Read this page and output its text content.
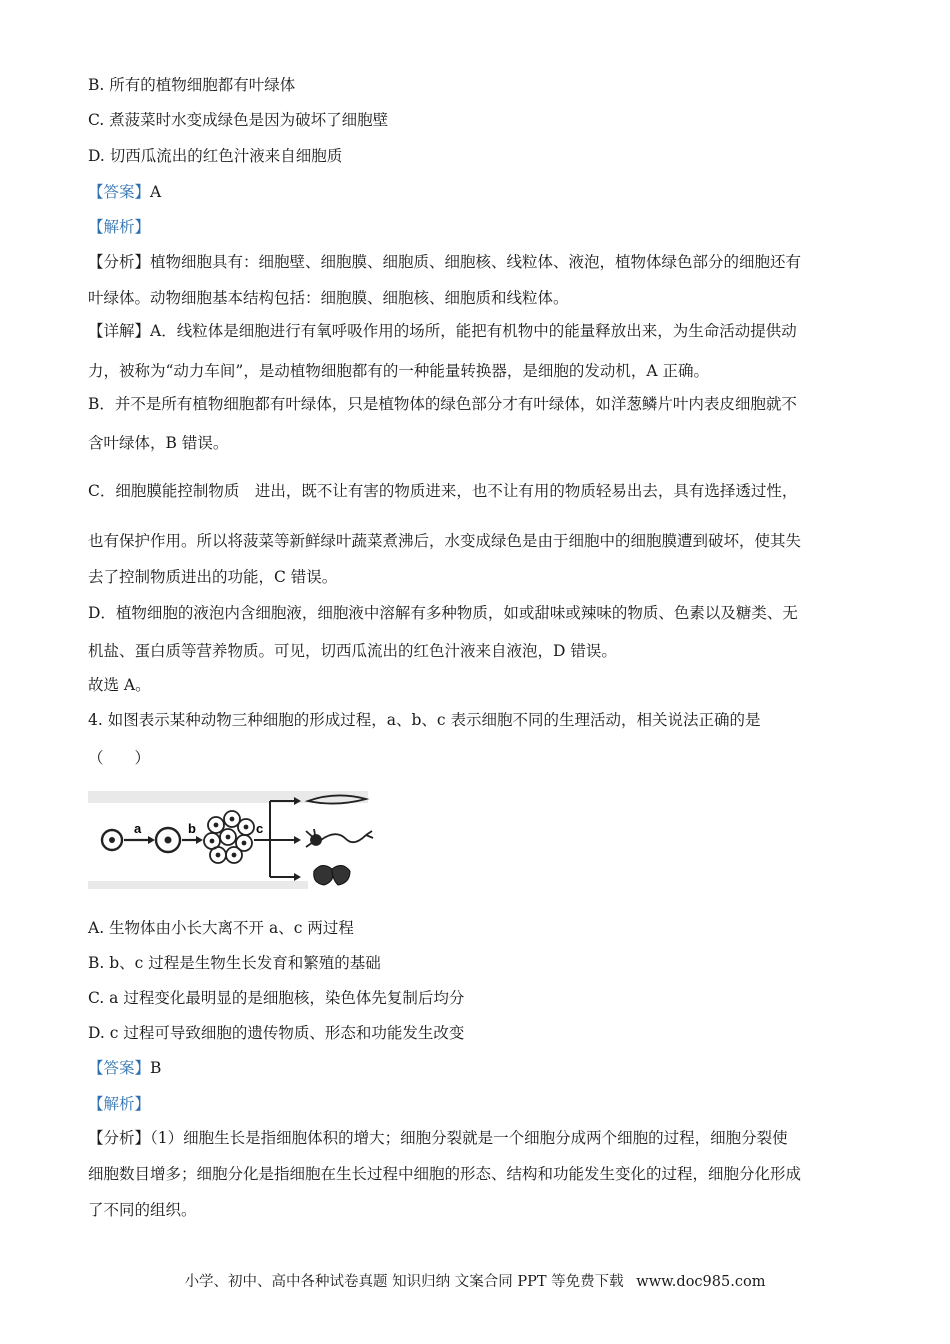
B. 所有的植物细胞都有叶绿体
C. 煮菠菜时水变成绿色是因为破坏了细胞壁
D. 切西瓜流出的红色汁液来自细胞质
【答案】A
【解析】
【分析】植物细胞具有：细胞壁、细胞膜、细胞质、细胞核、线粒体、液泡，植物体绿色部分的细胞还有
叶绿体。动物细胞基本结构包括：细胞膜、细胞核、细胞质和线粒体。
【详解】A．线粒体是细胞进行有氧呼吸作用的场所，能把有机物中的能量释放出来，为生命活动提供动
力，被称为“动力车间”，是动植物细胞都有的一种能量转换器，是细胞的发动机，A 正确。
B．并不是所有植物细胞都有叶绿体，只是植物体的绿色部分才有叶绿体，如洋葱鳞片叶内表皮细胞就不
含叶绿体，B 错误。
C．细胞膜能控制物质　进出，既不让有害的物质进来，也不让有用的物质轻易出去，具有选择透过性，
也有保护作用。所以将菠菜等新鲜绿叶蔬菜煮沸后，水变成绿色是由于细胞中的细胞膜遭到破坏，使其失
去了控制物质进出的功能，C 错误。
D．植物细胞的液泡内含细胞液，细胞液中溶解有多种物质，如或甜味或辣味的物质、色素以及糖类、无
机盐、蛋白质等营养物质。可见，切西瓜流出的红色汁液来自液泡，D 错误。
故选 A。
4. 如图表示某种动物三种细胞的形成过程，a、b、c 表示细胞不同的生理活动，相关说法正确的是
（　　）
A. 生物体由小长大离不开 a、c 两过程
B. b、c 过程是生物生长发育和繁殖的基础
C. a 过程变化最明显的是细胞核，染色体先复制后均分
D. c 过程可导致细胞的遗传物质、形态和功能发生改变
【答案】B
【解析】
【分析】（1）细胞生长是指细胞体积的增大；细胞分裂就是一个细胞分成两个细胞的过程，细胞分裂使
细胞数目增多；细胞分化是指细胞在生长过程中细胞的形态、结构和功能发生变化的过程，细胞分化形成
了不同的组织。
a	b	c
小学、初中、高中各种试卷真题 知识归纳 文案合同 PPT 等免费下载 www.doc985.com
